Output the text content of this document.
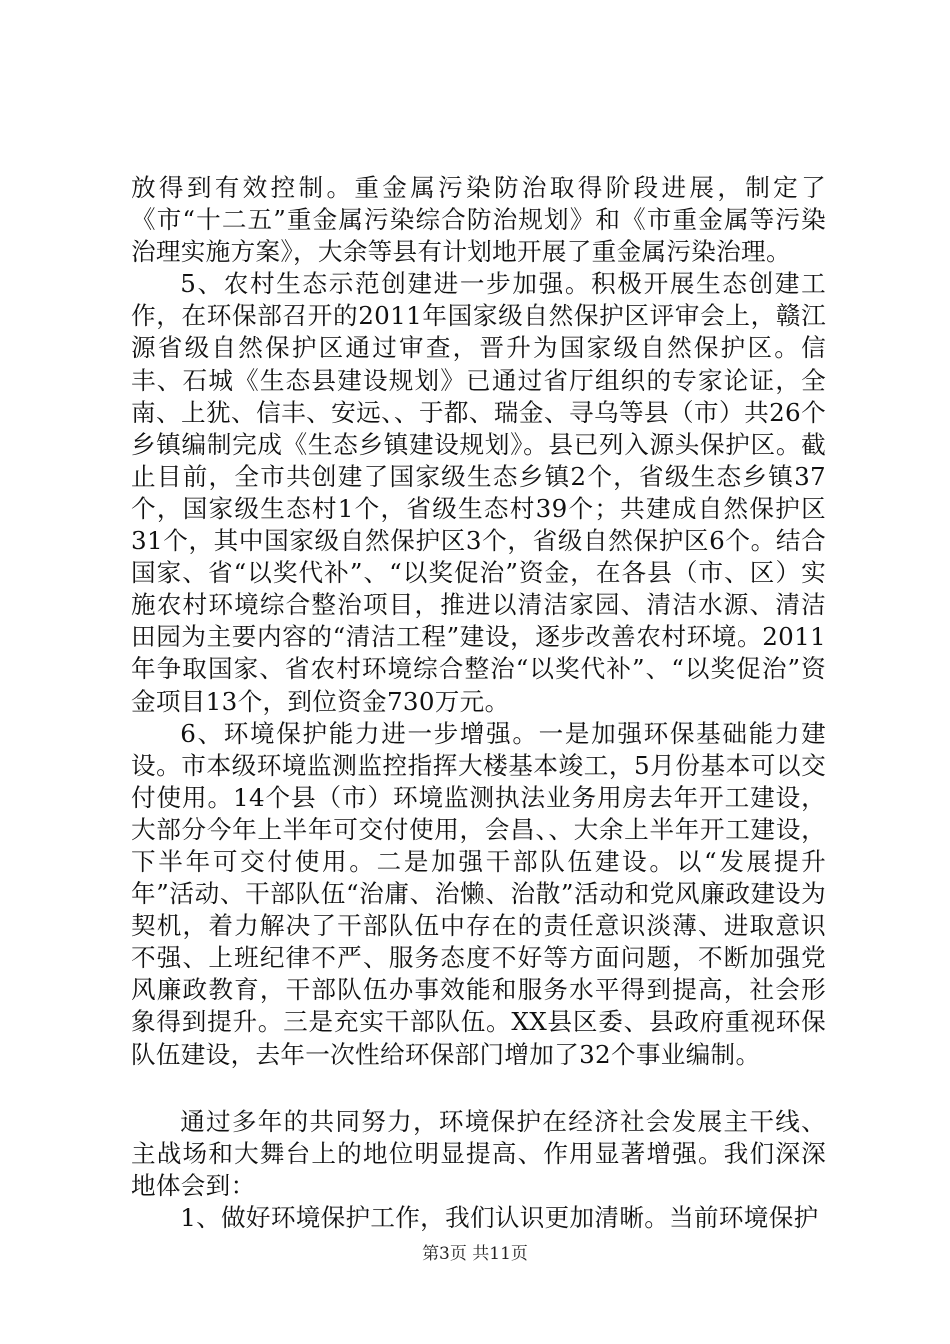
放得到有效控制。重金属污染防治取得阶段进展，制定了《市“十二五”重金属污染综合防治规划》和《市重金属等污染治理实施方案》，大余等县有计划地开展了重金属污染治理。

5、农村生态示范创建进一步加强。积极开展生态创建工作，在环保部召开的2011年国家级自然保护区评审会上，赣江源省级自然保护区通过审查，晋升为国家级自然保护区。信丰、石城《生态县建设规划》已通过省厅组织的专家论证，全南、上犹、信丰、安远、、于都、瑞金、寻乌等县（市）共26个乡镇编制完成《生态乡镇建设规划》。县已列入源头保护区。截止目前，全市共创建了国家级生态乡镇2个，省级生态乡镇37个，国家级生态村1个，省级生态村39个；共建成自然保护区31个，其中国家级自然保护区3个，省级自然保护区6个。结合国家、省“以奖代补”、“以奖促治”资金，在各县（市、区）实施农村环境综合整治项目，推进以清洁家园、清洁水源、清洁田园为主要内容的“清洁工程”建设，逐步改善农村环境。2011年争取国家、省农村环境综合整治“以奖代补”、“以奖促治”资金项目13个，到位资金730万元。

6、环境保护能力进一步增强。一是加强环保基础能力建设。市本级环境监测监控指挥大楼基本竣工，5月份基本可以交付使用。14个县（市）环境监测执法业务用房去年开工建设，大部分今年上半年可交付使用，会昌、、大余上半年开工建设，下半年可交付使用。二是加强干部队伍建设。以“发展提升年”活动、干部队伍“治庸、治懒、治散”活动和党风廉政建设为契机，着力解决了干部队伍中存在的责任意识淡薄、进取意识不强、上班纪律不严、服务态度不好等方面问题，不断加强党风廉政教育，干部队伍办事效能和服务水平得到提高，社会形象得到提升。三是充实干部队伍。XX县区委、县政府重视环保队伍建设，去年一次性给环保部门增加了32个事业编制。

通过多年的共同努力，环境保护在经济社会发展主干线、主战场和大舞台上的地位明显提高、作用显著增强。我们深深地体会到：

1、做好环境保护工作，我们认识更加清晰。当前环境保护

第3页 共11页
